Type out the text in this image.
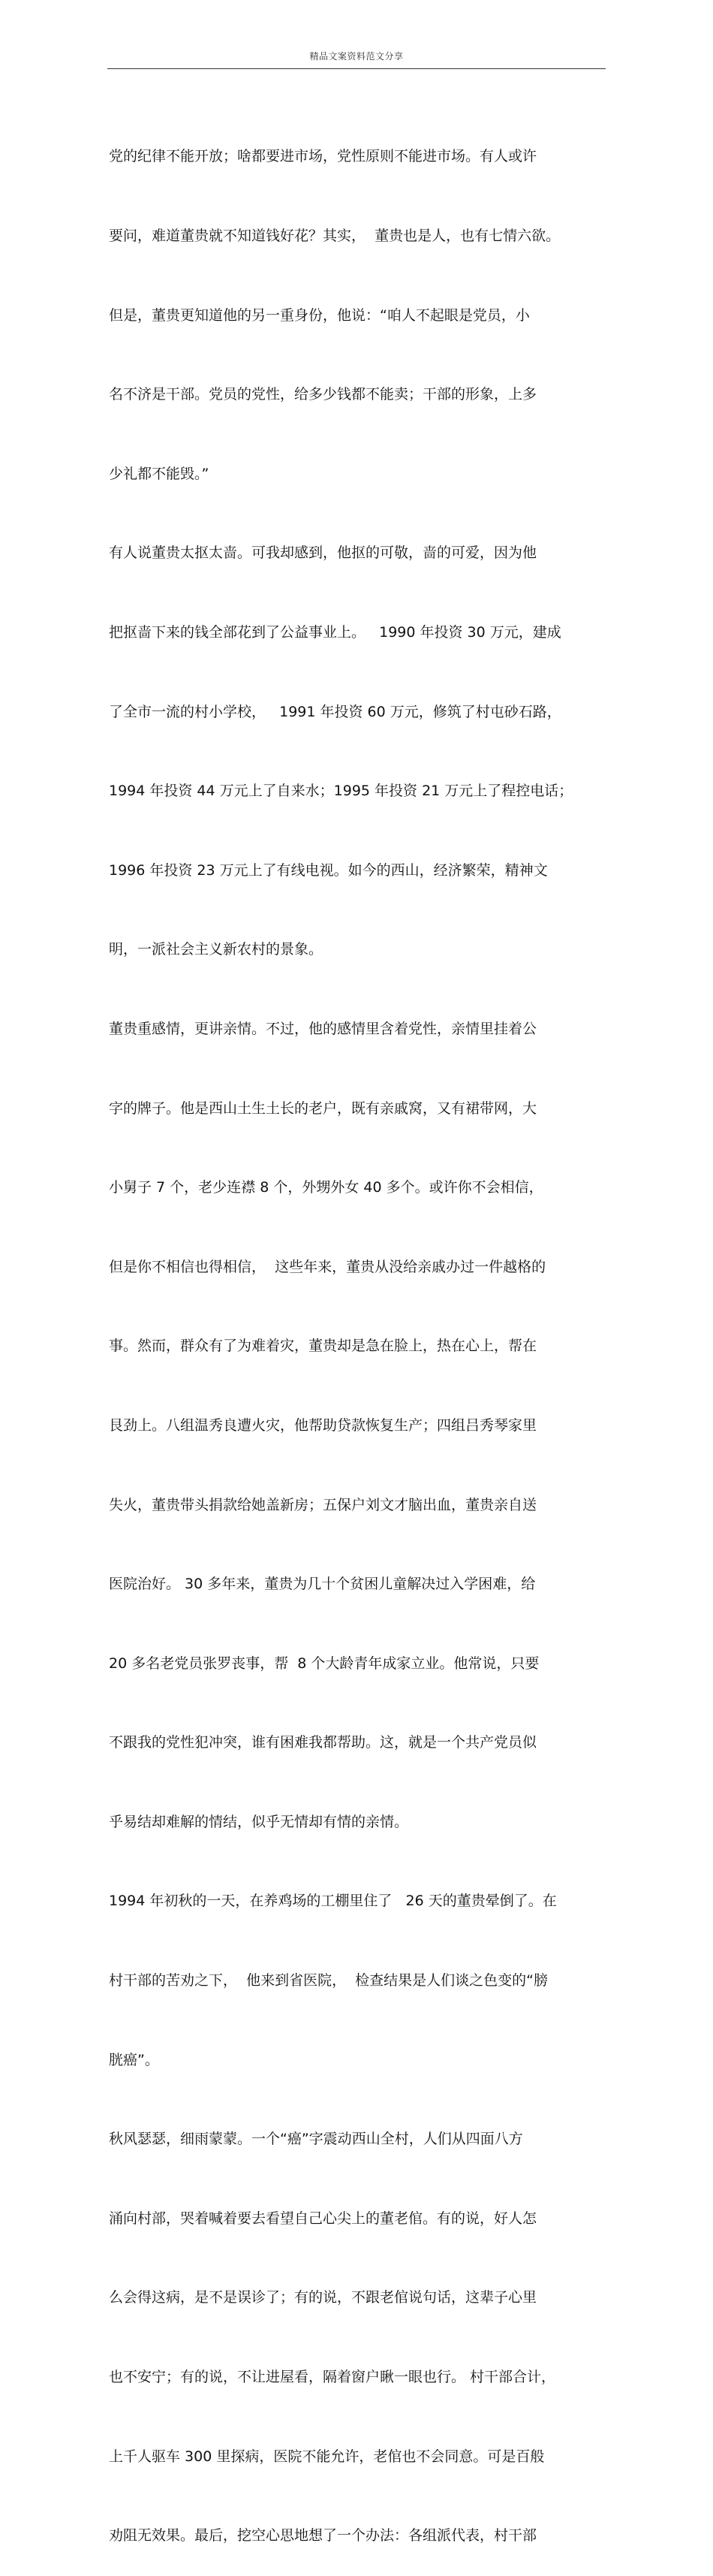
精品文案资料范文分享

党的纪律不能开放；啥都要进市场，党性原则不能进市场。有人或许

要问，难道董贵就不知道钱好花？其实，  董贵也是人，也有七情六欲。

但是，董贵更知道他的另一重身份，他说：“咱人不起眼是党员，小

名不济是干部。党员的党性，给多少钱都不能卖；干部的形象，上多

少礼都不能毁。”

有人说董贵太抠太啬。可我却感到，他抠的可敬，啬的可爱，因为他

把抠啬下来的钱全部花到了公益事业上。   1990 年投资 30 万元，建成

了全市一流的村小学校，   1991 年投资 60 万元，修筑了村屯砂石路，

1994 年投资 44 万元上了自来水；1995 年投资 21 万元上了程控电话；

1996 年投资 23 万元上了有线电视。如今的西山，经济繁荣，精神文

明，一派社会主义新农村的景象。

董贵重感情，更讲亲情。不过，他的感情里含着党性，亲情里挂着公

字的牌子。他是西山土生土长的老户，既有亲戚窝，又有裙带网，大

小舅子 7 个，老少连襟 8 个，外甥外女 40 多个。或许你不会相信，

但是你不相信也得相信，  这些年来，董贵从没给亲戚办过一件越格的

事。然而，群众有了为难着灾，董贵却是急在脸上，热在心上，帮在

艮劲上。八组温秀良遭火灾，他帮助贷款恢复生产；四组吕秀琴家里

失火，董贵带头捐款给她盖新房；五保户刘文才脑出血，董贵亲自送

医院治好。 30 多年来，董贵为几十个贫困儿童解决过入学困难，给

20 多名老党员张罗丧事，帮  8 个大龄青年成家立业。他常说，只要

不跟我的党性犯冲突，谁有困难我都帮助。这，就是一个共产党员似

乎易结却难解的情结，似乎无情却有情的亲情。

1994 年初秋的一天，在养鸡场的工棚里住了   26 天的董贵晕倒了。在

村干部的苦劝之下，  他来到省医院，  检查结果是人们谈之色变的“膀

胱癌”。

秋风瑟瑟，细雨蒙蒙。一个“癌”字震动西山全村，人们从四面八方

涌向村部，哭着喊着要去看望自己心尖上的董老倌。有的说，好人怎

么会得这病，是不是误诊了；有的说，不跟老倌说句话，这辈子心里

也不安宁；有的说，不让进屋看，隔着窗户瞅一眼也行。 村干部合计，

上千人驱车 300 里探病，医院不能允许，老倌也不会同意。可是百般

劝阻无效果。最后，挖空心思地想了一个办法：各组派代表，村干部
